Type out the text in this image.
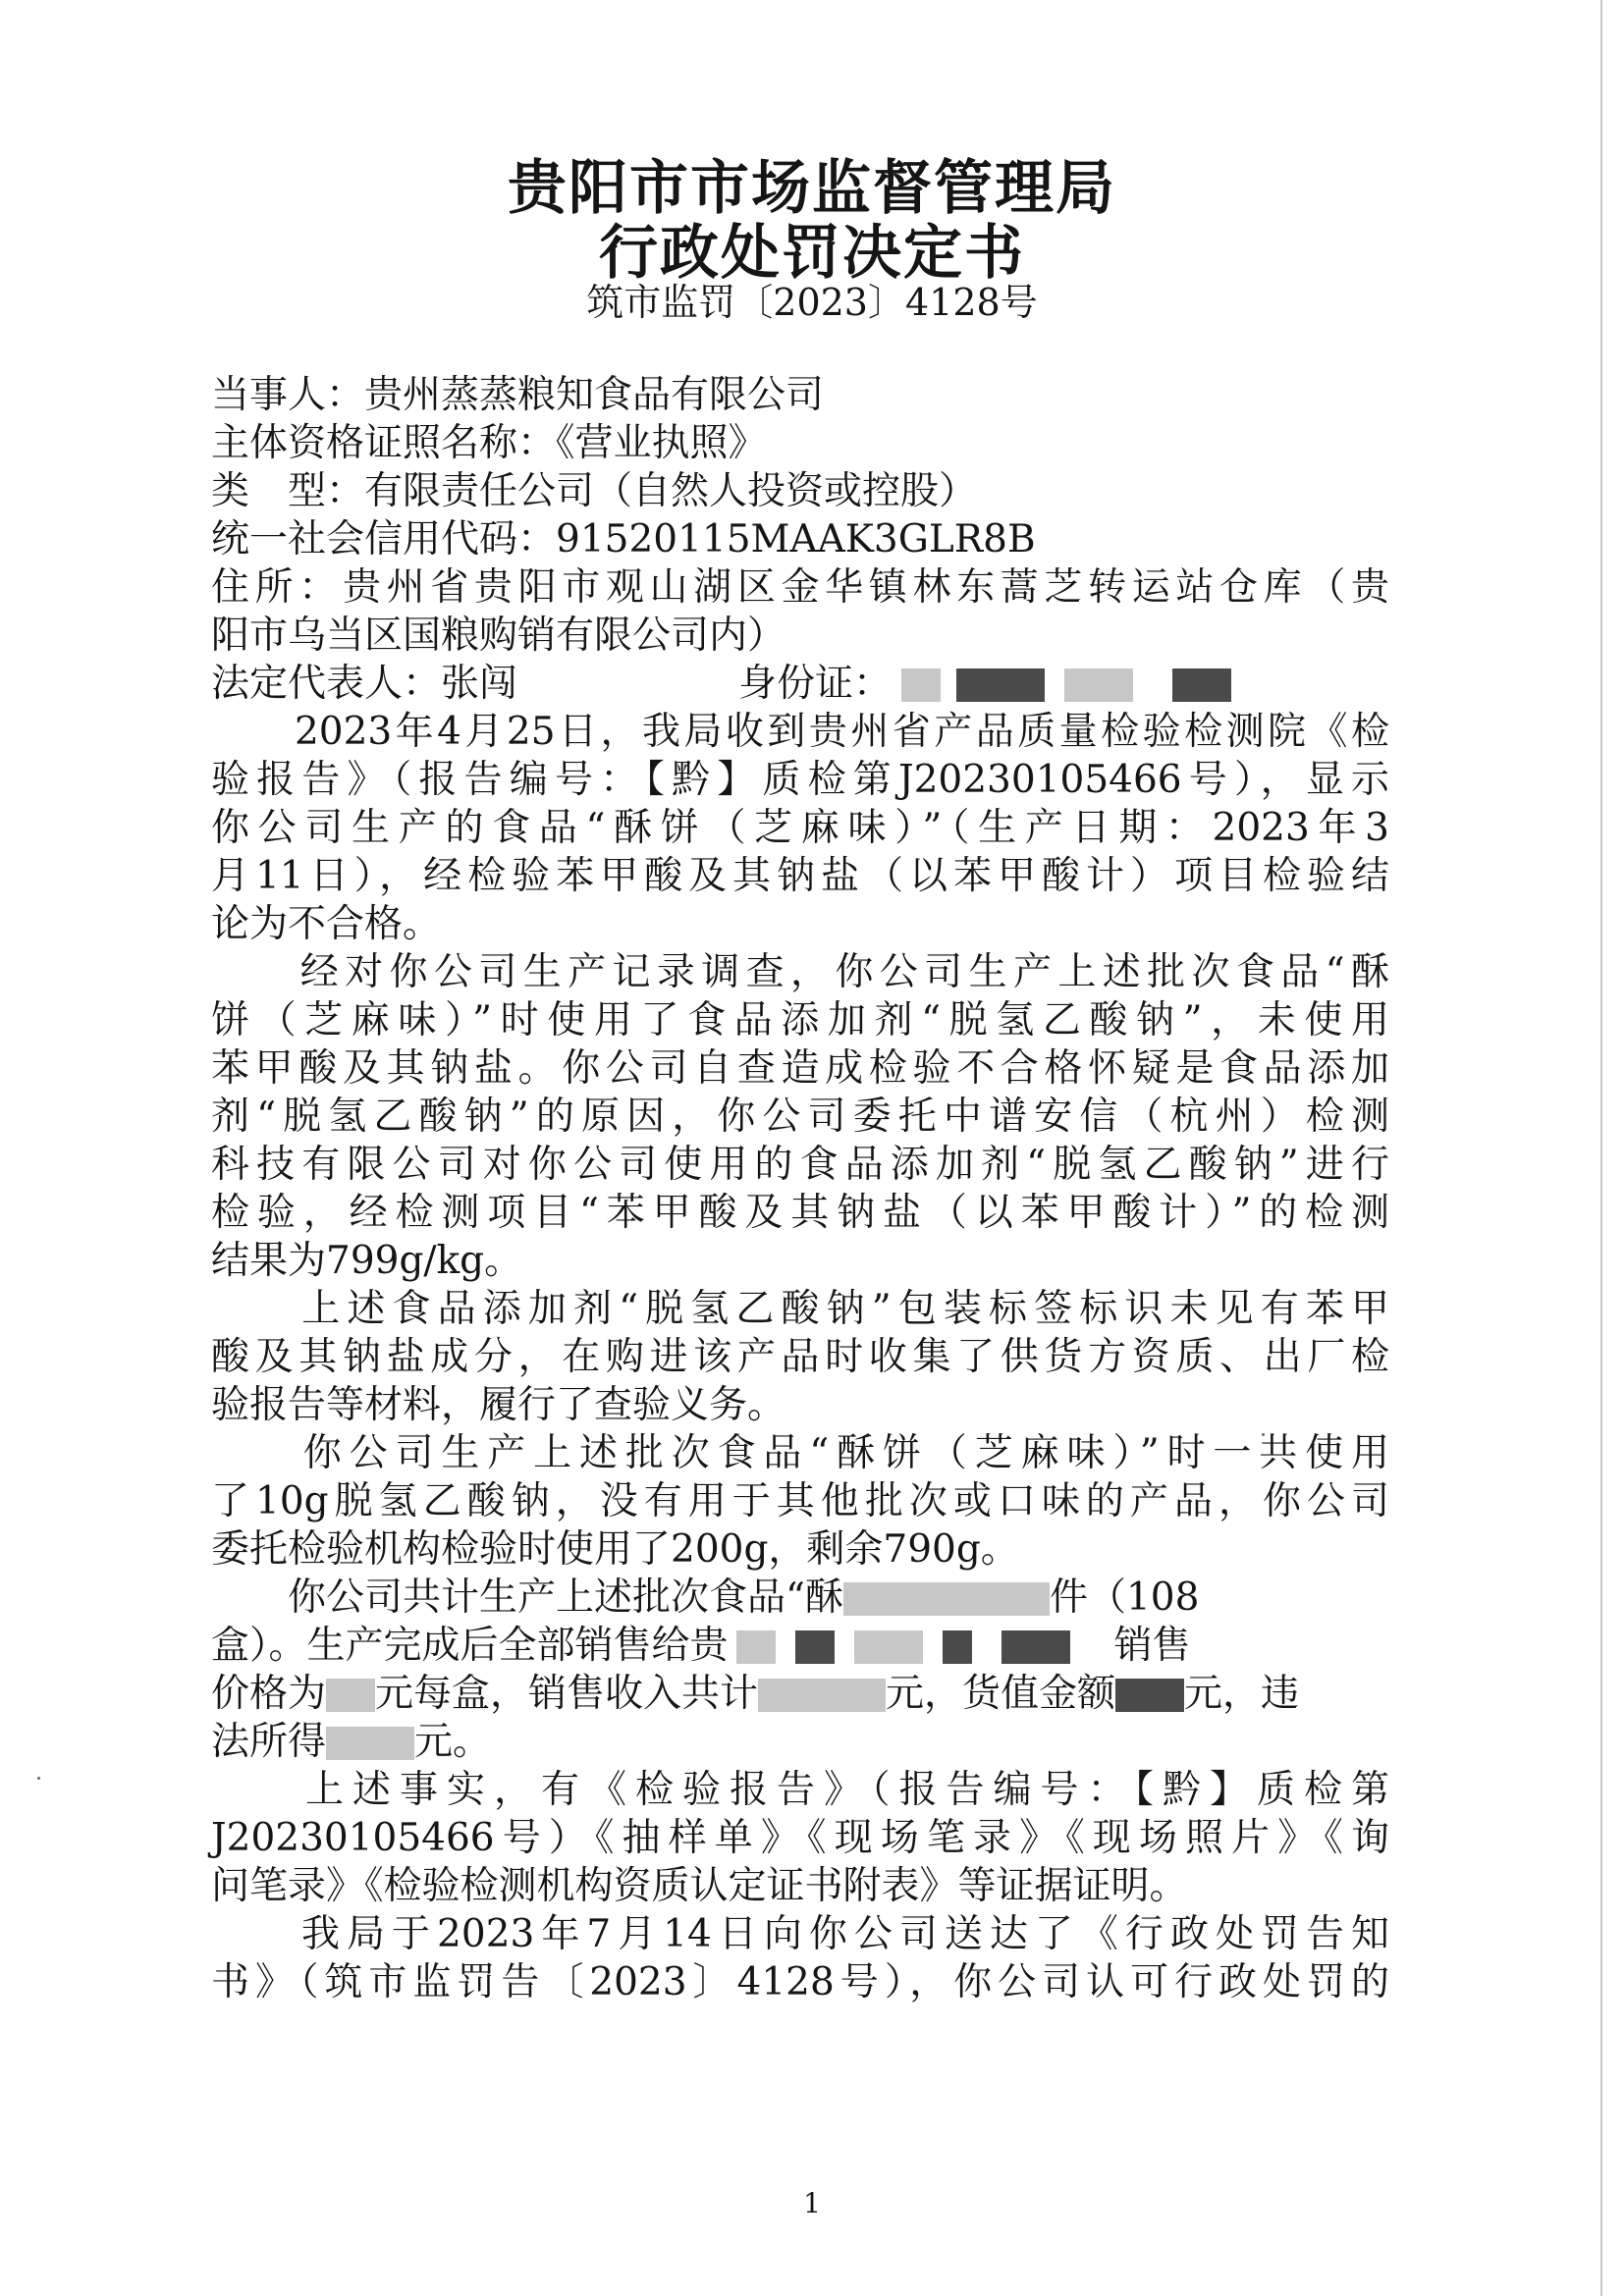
贵阳市市场监督管理局
行政处罚决定书
筑市监罚〔2023〕4128号
当事人：贵州蒸蒸粮知食品有限公司
主体资格证照名称：《营业执照》
类　型：有限责任公司（自然人投资或控股）
统一社会信用代码：91520115MAAK3GLR8B
住所：贵州省贵阳市观山湖区金华镇林东蒿芝转运站仓库（贵
阳市乌当区国粮购销有限公司内）
法定代表人：张闯	身份证：
　　2023年4月25日，我局收到贵州省产品质量检验检测院《检
验报告》（报告编号：【黔】质检第J20230105466号），显示
你公司生产的食品“酥饼（芝麻味）”（生产日期：2023年3
月11日），经检验苯甲酸及其钠盐（以苯甲酸计）项目检验结
论为不合格。
　　经对你公司生产记录调查，你公司生产上述批次食品“酥
饼（芝麻味）”时使用了食品添加剂“脱氢乙酸钠”，未使用
苯甲酸及其钠盐。你公司自查造成检验不合格怀疑是食品添加
剂“脱氢乙酸钠”的原因，你公司委托中谱安信（杭州）检测
科技有限公司对你公司使用的食品添加剂“脱氢乙酸钠”进行
检验，经检测项目“苯甲酸及其钠盐（以苯甲酸计）”的检测
结果为799g/kg。
　　上述食品添加剂“脱氢乙酸钠”包装标签标识未见有苯甲
酸及其钠盐成分，在购进该产品时收集了供货方资质、出厂检
验报告等材料，履行了查验义务。
　　你公司生产上述批次食品“酥饼（芝麻味）”时一共使用
了10g脱氢乙酸钠，没有用于其他批次或口味的产品，你公司
委托检验机构检验时使用了200g，剩余790g。
　　你公司共计生产上述批次食品“酥	件（108
盒）。生产完成后全部销售给贵	销售
价格为 元每盒，销售收入共计	元，货值金额 元，违
法所得 元。
　　上述事实，有《检验报告》（报告编号：【黔】质检第
J20230105466号）《抽样单》《现场笔录》《现场照片》《询
问笔录》《检验检测机构资质认定证书附表》等证据证明。
　　我局于2023年7月14日向你公司送达了《行政处罚告知
书》（筑市监罚告〔2023〕4128号），你公司认可行政处罚的
1
